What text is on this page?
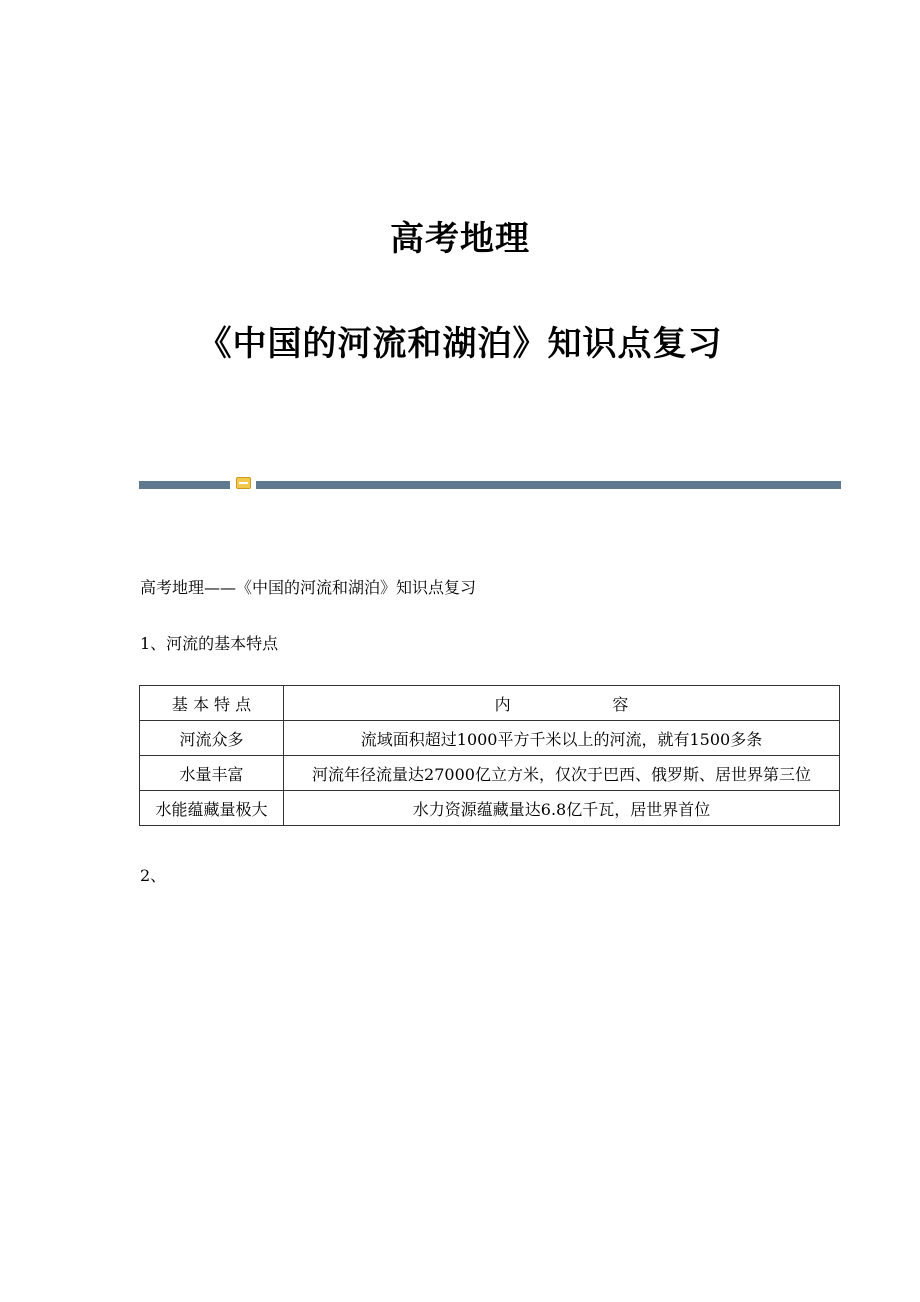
高考地理
《中国的河流和湖泊》知识点复习
高考地理——《中国的河流和湖泊》知识点复习
1、河流的基本特点
基 本 特 点	内                    容
河流众多	流域面积超过1000平方千米以上的河流，就有1500多条
水量丰富	河流年径流量达27000亿立方米，仅次于巴西、俄罗斯、居世界第三位
水能蕴藏量极大	水力资源蕴藏量达6.8亿千瓦，居世界首位
2、
